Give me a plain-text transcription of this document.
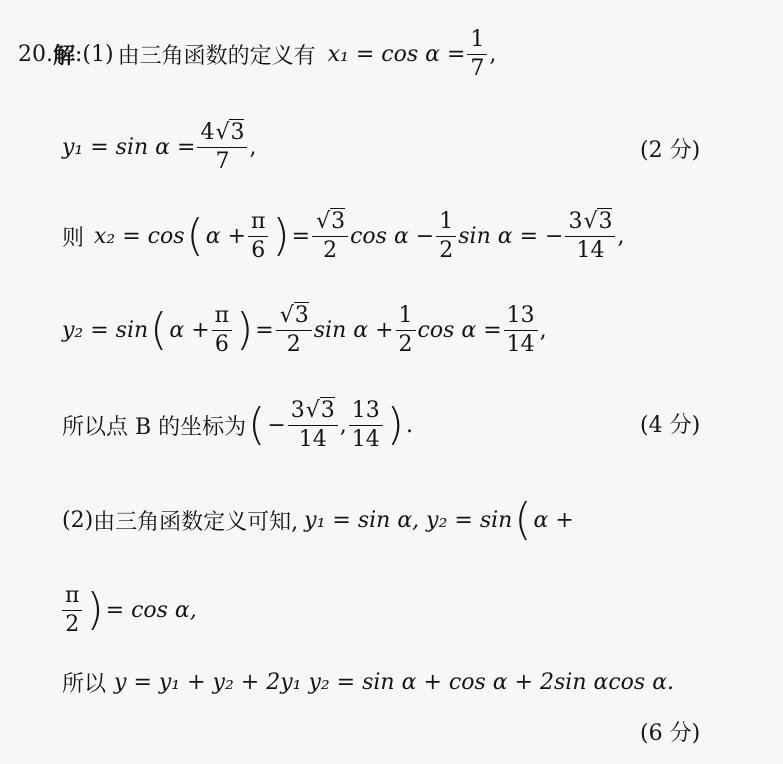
20. 解 :(1) 由三角函数的定义有 $x_1 = \cos \alpha = \frac{1}{7}$ ,
$y_1 = \sin \alpha = \frac{4√3}{7}$ ,	(2 分)
则 x₂ = cos ( $\alpha + \frac{\pi}{6}$ ) = $\frac{√3}{2}$ $\cos \alpha - \frac{1}{2}$ sin α = − $\frac{3√3}{14}$ ,
y₂ = sin ( $\alpha + \frac{\pi}{6}$ ) = $\frac{√3}{2}$ $\sin \alpha + \frac{1}{2}$ $\cos \alpha = \frac{13}{14}$ ,
所以点 B 的坐标为 ( − $\frac{3√3}{14}$ , $\frac{13}{14}$ ) .	(4 分)
(2) 由三角函数定义可知, y₁ = sin α, y₂ = sin ( α +
$\frac{\pi}{2}$ ) = cos α,
所以 y = y₁ + y₂ + 2y₁ y₂ = sin α + cos α + 2sin αcos α.
(6 分)
